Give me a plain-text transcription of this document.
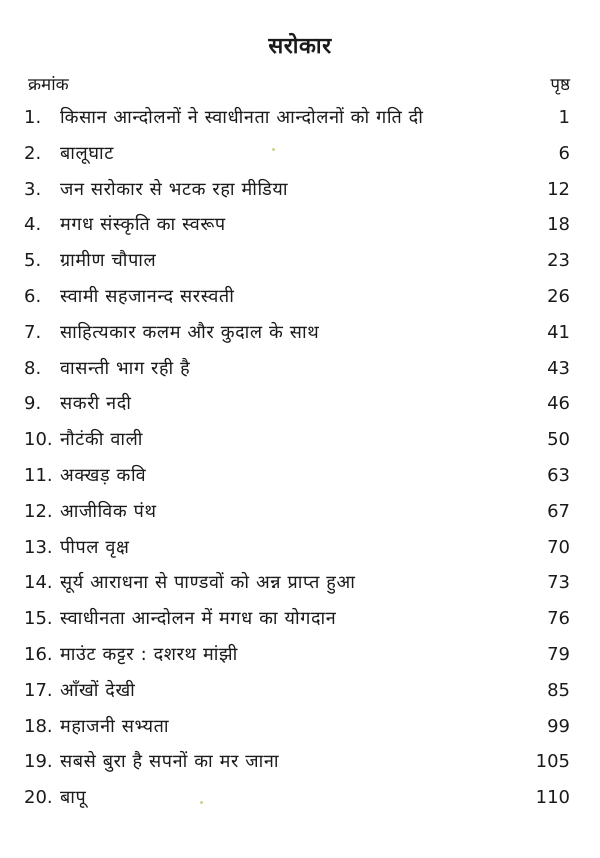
सरोकार
क्रमांक	पृष्ठ
1.	किसान आन्दोलनों ने स्वाधीनता आन्दोलनों को गति दी	1
2.	बालूघाट	6
3.	जन सरोकार से भटक रहा मीडिया	12
4.	मगध संस्कृति का स्वरूप	18
5.	ग्रामीण चौपाल	23
6.	स्वामी सहजानन्द सरस्वती	26
7.	साहित्यकार कलम और कुदाल के साथ	41
8.	वासन्ती भाग रही है	43
9.	सकरी नदी	46
10. नौटंकी वाली	50
11. अक्खड़ कवि	63
12. आजीविक पंथ	67
13. पीपल वृक्ष	70
14. सूर्य आराधना से पाण्डवों को अन्न प्राप्त हुआ	73
15. स्वाधीनता आन्दोलन में मगध का योगदान	76
16. माउंट कट्टर : दशरथ मांझी	79
17. आँखों देखी	85
18. महाजनी सभ्यता	99
19. सबसे बुरा है सपनों का मर जाना	105
20. बापू	110
